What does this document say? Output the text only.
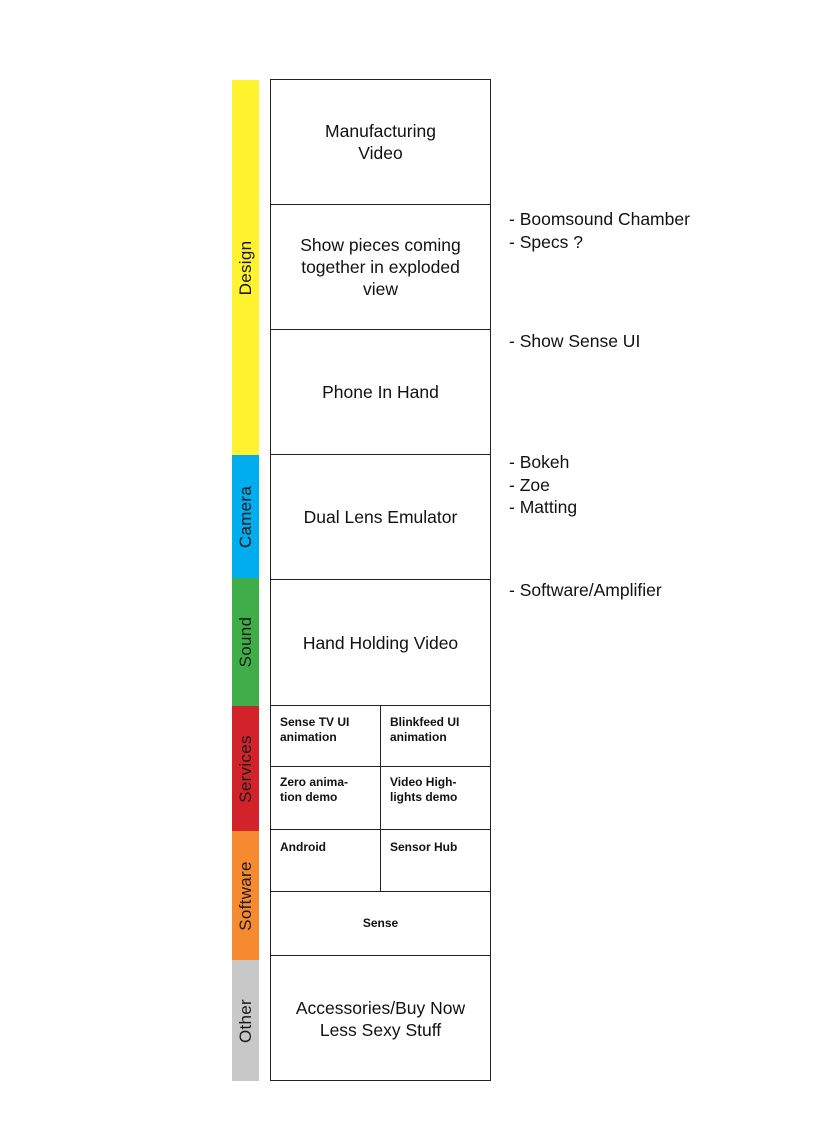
Design
Camera
Sound
Services
Software
Other
Manufacturing
Video
Show pieces coming
together in exploded
view
Phone In Hand
Dual Lens Emulator
Hand Holding Video
Sense TV UI
animation
Blinkfeed UI
animation
Zero anima-
tion demo
Video High-
lights demo
Android	Sensor Hub
Sense
Accessories/Buy Now
Less Sexy Stuff
- Boomsound Chamber
- Specs ?
- Show Sense UI
- Bokeh
- Zoe
- Matting
- Software/Amplifier
